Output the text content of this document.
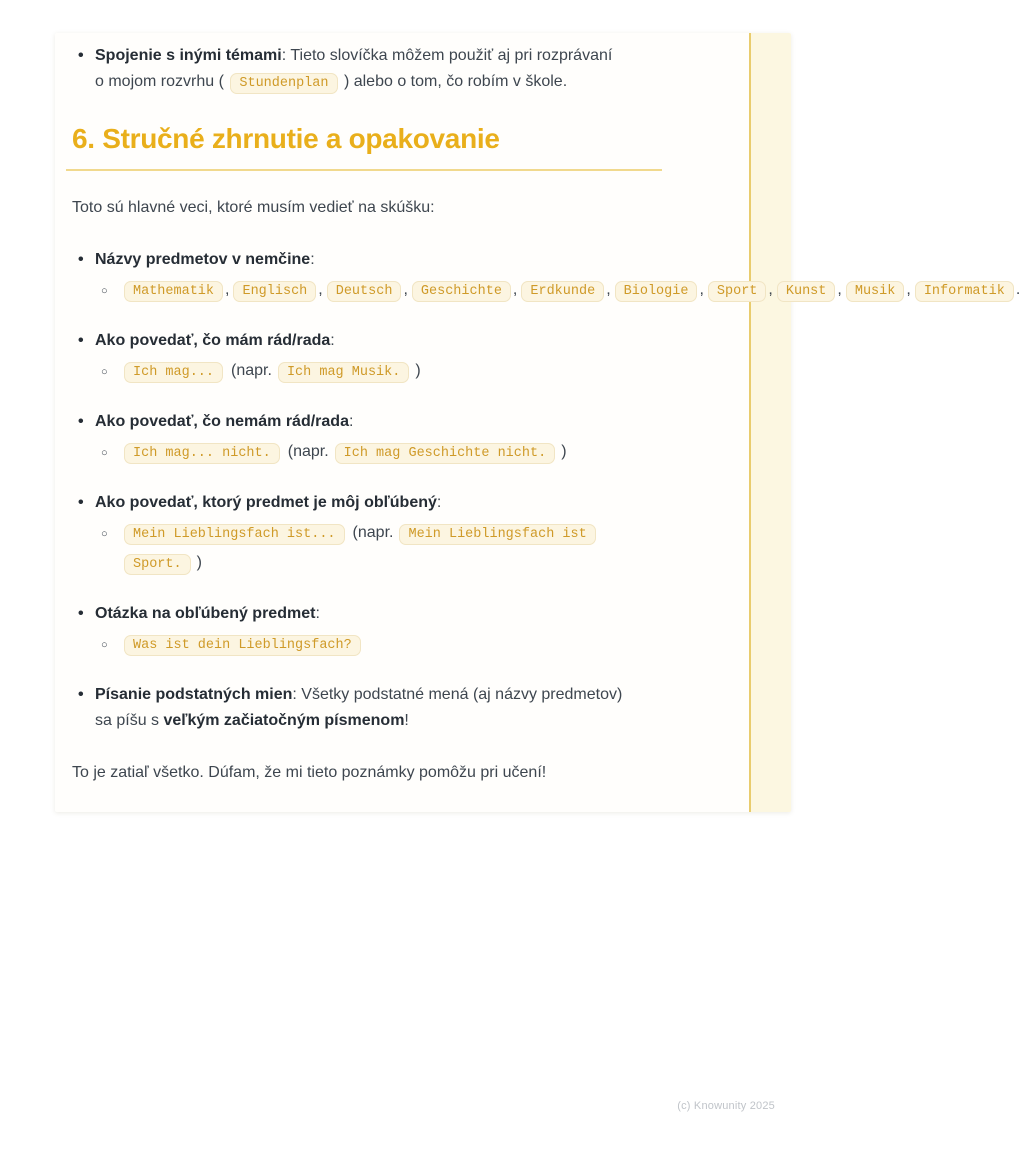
• Spojenie s inými témami: Tieto slovíčka môžem použiť aj pri rozprávaní o mojom rozvrhu ( Stundenplan ) alebo o tom, čo robím v škole.
6. Stručné zhrnutie a opakovanie

Toto sú hlavné veci, ktoré musím vedieť na skúšku:

• Názvy predmetov v nemčine:
○ Mathematik , Englisch , Deutsch , Geschichte , Erdkunde , Biologie , Sport , Kunst , Musik , Informatik .
• Ako povedať, čo mám rád/rada:
○ Ich mag... (napr. Ich mag Musik. )
• Ako povedať, čo nemám rád/rada:
○ Ich mag... nicht. (napr. Ich mag Geschichte nicht. )
• Ako povedať, ktorý predmet je môj obľúbený:
○ Mein Lieblingsfach ist... (napr. Mein Lieblingsfach ist Sport. )
• Otázka na obľúbený predmet:
○ Was ist dein Lieblingsfach?
• Písanie podstatných mien: Všetky podstatné mená (aj názvy predmetov) sa píšu s veľkým začiatočným písmenom!

To je zatiaľ všetko. Dúfam, že mi tieto poznámky pomôžu pri učení!

(c) Knowunity 2025
